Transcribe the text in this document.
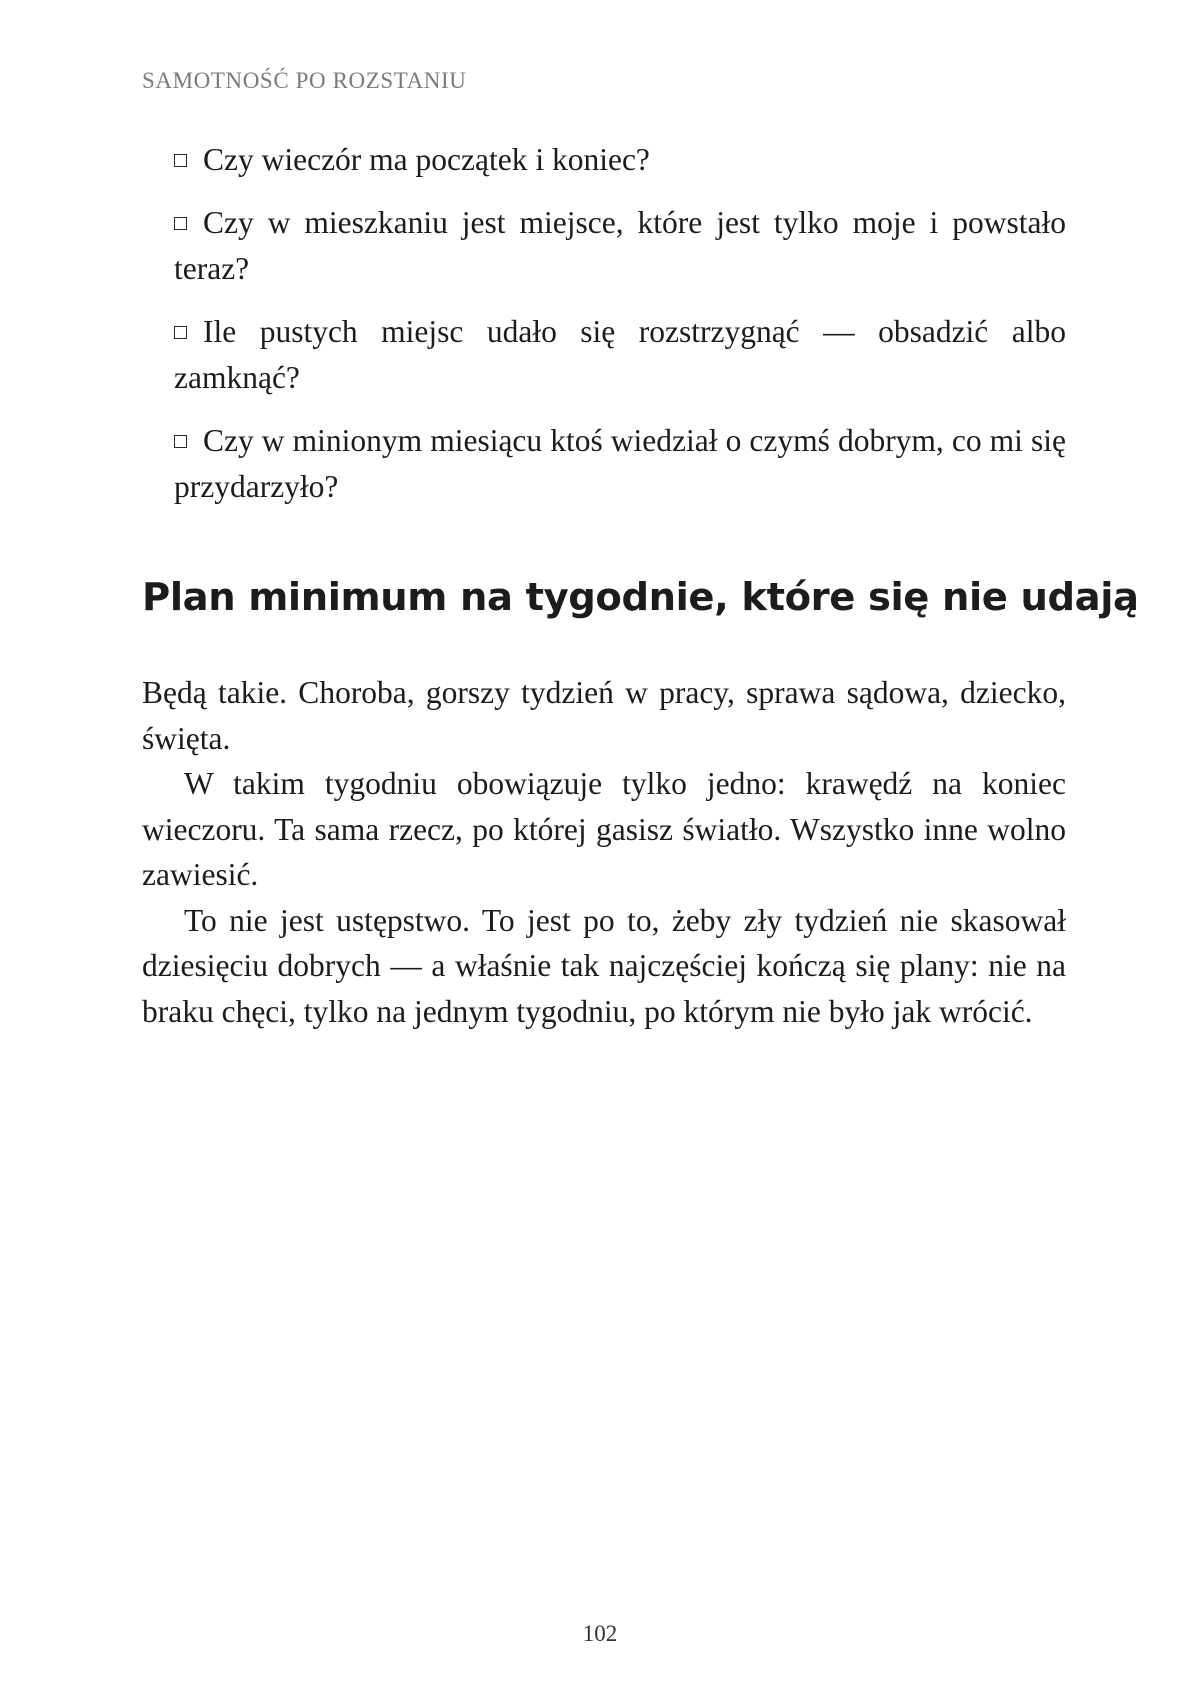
SAMOTNOŚĆ PO ROZSTANIU
Czy wieczór ma początek i koniec?
Czy w mieszkaniu jest miejsce, które jest tylko moje i powstało teraz?
Ile pustych miejsc udało się rozstrzygnąć — obsadzić albo zamknąć?
Czy w minionym miesiącu ktoś wiedział o czymś dobrym, co mi się przydarzyło?
Plan minimum na tygodnie, które się nie udają

Będą takie. Choroba, gorszy tydzień w pracy, sprawa sądowa, dziecko, święta.

W takim tygodniu obowiązuje tylko jedno: krawędź na koniec wieczoru. Ta sama rzecz, po której gasisz światło. Wszystko inne wolno zawiesić.

To nie jest ustępstwo. To jest po to, żeby zły tydzień nie skasował dziesięciu dobrych — a właśnie tak najczęściej kończą się plany: nie na braku chęci, tylko na jednym tygodniu, po którym nie było jak wrócić.

102
